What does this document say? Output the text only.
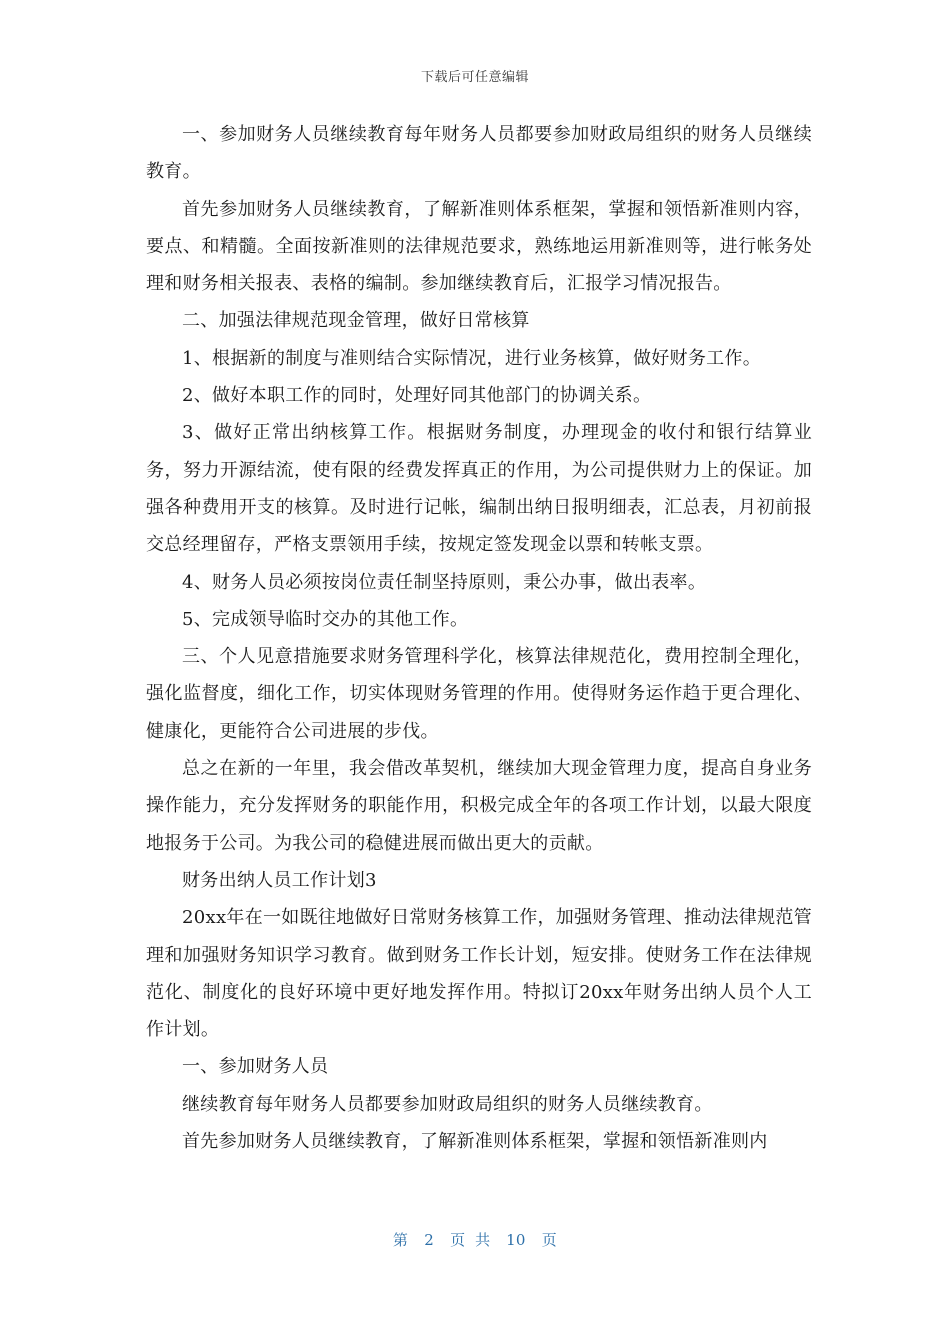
下载后可任意编辑

一、参加财务人员继续教育每年财务人员都要参加财政局组织的财务人员继续教育。

首先参加财务人员继续教育，了解新准则体系框架，掌握和领悟新准则内容，要点、和精髓。全面按新准则的法律规范要求，熟练地运用新准则等，进行帐务处理和财务相关报表、表格的编制。参加继续教育后，汇报学习情况报告。

二、加强法律规范现金管理，做好日常核算

1、根据新的制度与准则结合实际情况，进行业务核算，做好财务工作。

2、做好本职工作的同时，处理好同其他部门的协调关系。

3、做好正常出纳核算工作。根据财务制度，办理现金的收付和银行结算业务，努力开源结流，使有限的经费发挥真正的作用，为公司提供财力上的保证。加强各种费用开支的核算。及时进行记帐，编制出纳日报明细表，汇总表，月初前报交总经理留存，严格支票领用手续，按规定签发现金以票和转帐支票。

4、财务人员必须按岗位责任制坚持原则，秉公办事，做出表率。

5、完成领导临时交办的其他工作。

三、个人见意措施要求财务管理科学化，核算法律规范化，费用控制全理化，强化监督度，细化工作，切实体现财务管理的作用。使得财务运作趋于更合理化、健康化，更能符合公司进展的步伐。

总之在新的一年里，我会借改革契机，继续加大现金管理力度，提高自身业务操作能力，充分发挥财务的职能作用，积极完成全年的各项工作计划，以最大限度地报务于公司。为我公司的稳健进展而做出更大的贡献。

财务出纳人员工作计划3

20xx年在一如既往地做好日常财务核算工作，加强财务管理、推动法律规范管理和加强财务知识学习教育。做到财务工作长计划，短安排。使财务工作在法律规范化、制度化的良好环境中更好地发挥作用。特拟订20xx年财务出纳人员个人工作计划。

一、参加财务人员

继续教育每年财务人员都要参加财政局组织的财务人员继续教育。

首先参加财务人员继续教育，了解新准则体系框架，掌握和领悟新准则内

第 2 页共 10 页
